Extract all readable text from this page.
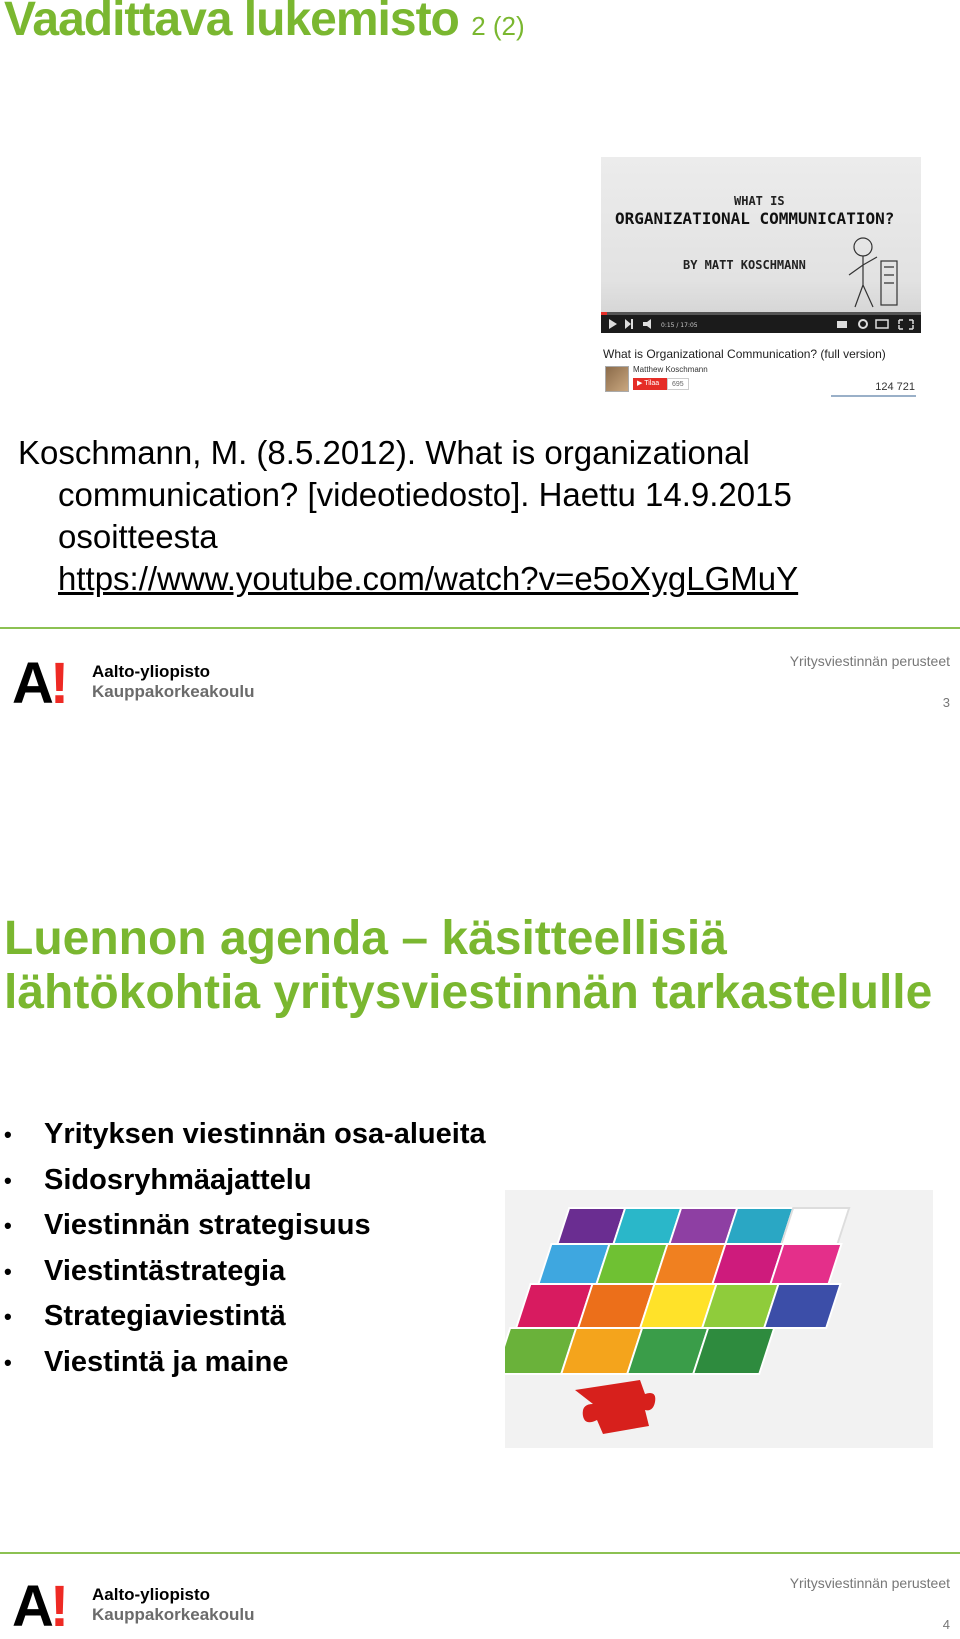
Vaadittava lukemisto 2 (2)
WHAT IS
ORGANIZATIONAL COMMUNICATION?
BY MATT KOSCHMANN
0:15 / 17:05
What is Organizational Communication? (full version)
Matthew Koschmann
▶ Tilaa	695	124 721
Koschmann, M. (8.5.2012). What is organizational
communication? [videotiedosto]. Haettu 14.9.2015
osoitteesta
https://www.youtube.com/watch?v=e5oXygLGMuY
A! Aalto-yliopisto
Kauppakorkeakoulu
Yritysviestinnän perusteet
3
Luennon agenda – käsitteellisiä lähtökohtia yritysviestinnän tarkastelulle
• Yrityksen viestinnän osa-alueita
• Sidosryhmäajattelu
• Viestinnän strategisuus
• Viestintästrategia
• Strategiaviestintä
• Viestintä ja maine
A! Aalto-yliopisto
Kauppakorkeakoulu
Yritysviestinnän perusteet
4
